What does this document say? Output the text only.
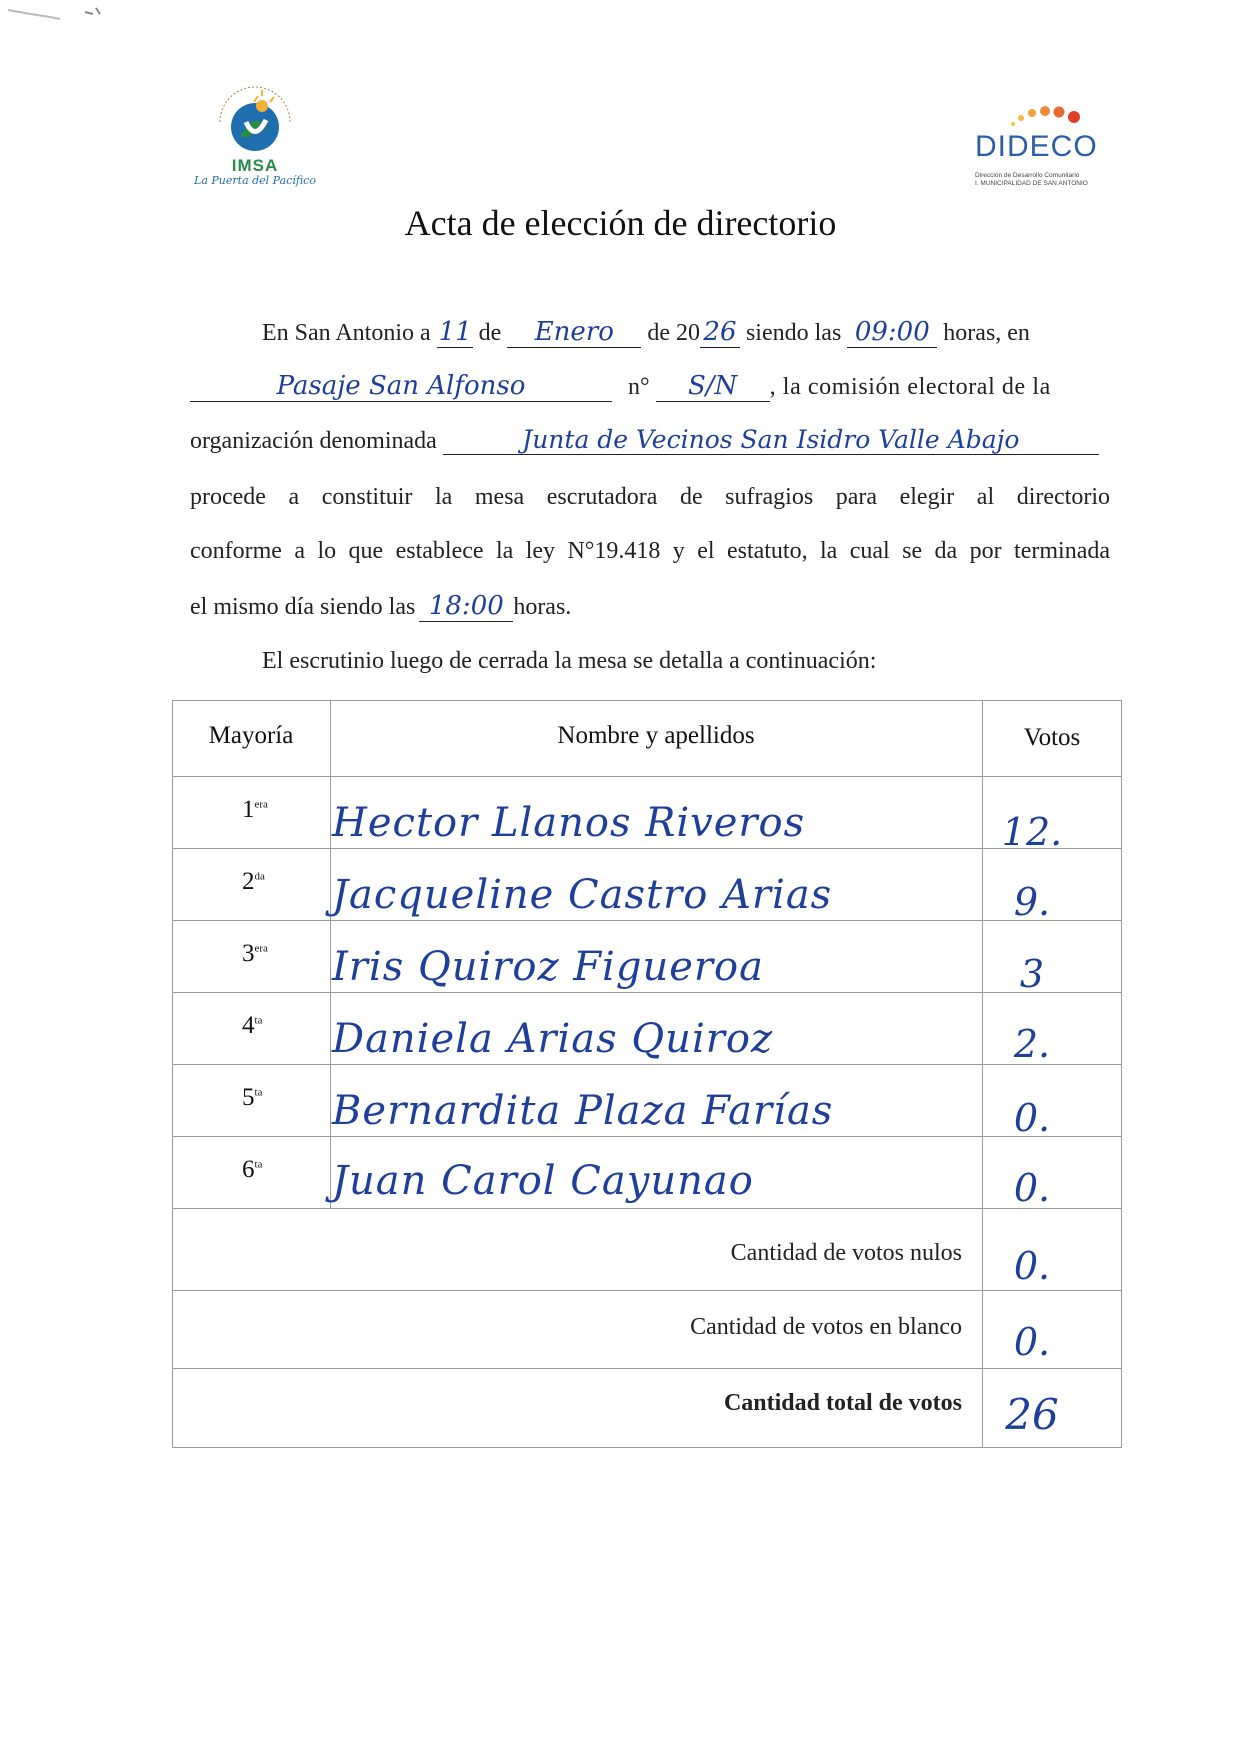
IMSA
La Puerta del Pacífico
DIDECO
Dirección de Desarrollo Comunitario
I. MUNICIPALIDAD DE SAN ANTONIO
Acta de elección de directorio
En San Antonio a 11 de Enero de 20 26 siendo las 09:00 horas, en
Pasaje San Alfonso	n° S/N , la comisión electoral de la
organización denominada	Junta de Vecinos San Isidro Valle Abajo
procede a constituir la mesa escrutadora de sufragios para elegir al directorio
conforme a lo que establece la ley N°19.418 y el estatuto, la cual se da por terminada
el mismo día siendo las 18:00 horas.
El escrutinio luego de cerrada la mesa se detalla a continuación:
Mayoría	Nombre y apellidos	Votos
$1^{era}$ Hector Llanos Riveros	12.
$2^{da}$ Jacqueline Castro Arias	9.
$3^{era}$ Iris Quiroz Figueroa	3
$4^{ta}$ Daniela Arias Quiroz	2.
$5^{ta}$ Bernardita Plaza Farías	0.
$6^{ta}$ Juan Carol Cayunao	0.
Cantidad de votos nulos	0.
Cantidad de votos en blanco	0.
Cantidad total de votos	26
